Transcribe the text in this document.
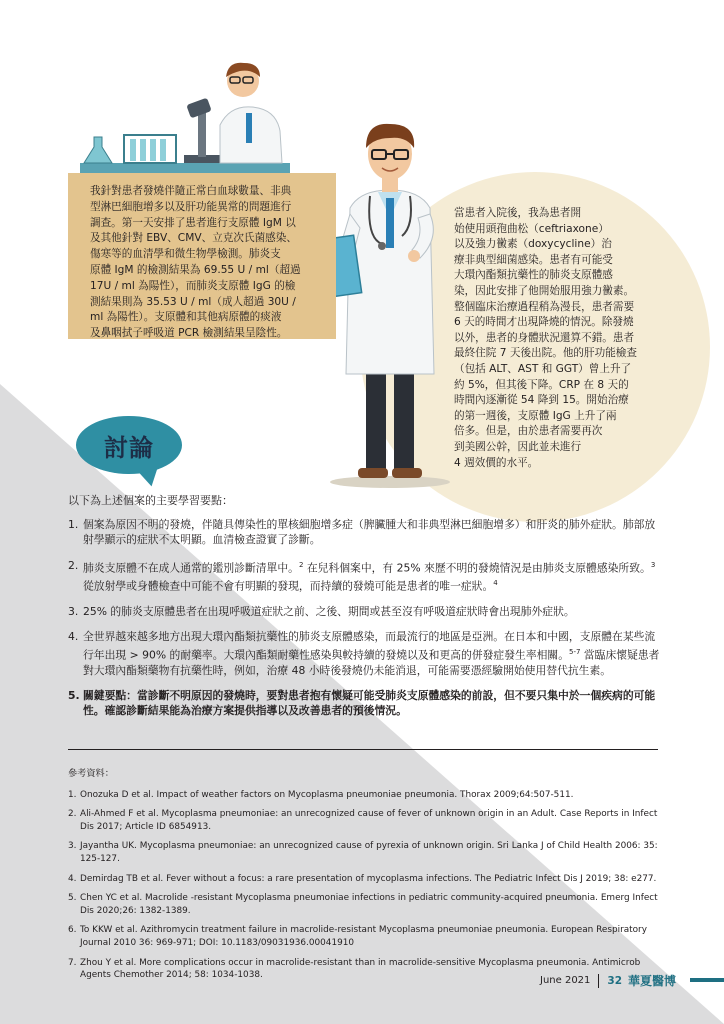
我針對患者發燒伴隨正常白血球數量、非典
型淋巴細胞增多以及肝功能異常的問題進行
調查。第一天安排了患者進行支原體 IgM 以
及其他針對 EBV、CMV、立克次氏菌感染、
傷寒等的血清學和微生物學檢測。肺炎支
原體 IgM 的檢測結果為 69.55 U / ml（超過
17U / ml 為陽性），而肺炎支原體 IgG 的檢
測結果則為 35.53 U / ml（成人超過 30U /
ml 為陽性）。支原體和其他病原體的痰液
及鼻咽拭子呼吸道 PCR 檢測結果呈陰性。
當患者入院後，我為患者開
始使用頭孢曲松（ceftriaxone）
以及強力黴素（doxycycline）治
療非典型細菌感染。患者有可能受
大環內酯類抗藥性的肺炎支原體感
染，因此安排了他開始服用強力黴素。
整個臨床治療過程稍為漫長，患者需要
6 天的時間才出現降燒的情況。除發燒
以外，患者的身體狀況還算不錯。患者
最終住院 7 天後出院。他的肝功能檢查
（包括 ALT、AST 和 GGT）曾上升了
約 5%，但其後下降。CRP 在 8 天的
時間內逐漸從 54 降到 15。開始治療
的第一週後，支原體 IgG 上升了兩
倍多。但是，由於患者需要再次
到美國公幹，因此並未進行
4 週效價的水平。
討論
以下為上述個案的主要學習要點：
1. 個案為原因不明的發燒，伴隨具傳染性的單核細胞增多症（脾臟腫大和非典型淋巴細胞增多）和肝炎的肺外症狀。肺部放射學顯示的症狀不太明顯。血清檢查證實了診斷。
2. 肺炎支原體不在成人通常的鑑別診斷清單中。$^2$ 在兒科個案中，有 25% 來歷不明的發燒情況是由肺炎支原體感染所致。$^3$ 從放射學或身體檢查中可能不會有明顯的發現，而持續的發燒可能是患者的唯一症狀。$^4$
3. 25% 的肺炎支原體患者在出現呼吸道症狀之前、之後、期間或甚至沒有呼吸道症狀時會出現肺外症狀。
4. 全世界越來越多地方出現大環內酯類抗藥性的肺炎支原體感染，而最流行的地區是亞洲。在日本和中國，支原體在某些流行年出現 > 90% 的耐藥率。大環內酯類耐藥性感染與較持續的發燒以及和更高的併發症發生率相關。$^{5-7}$ 當臨床懷疑患者對大環內酯類藥物有抗藥性時，例如，治療 48 小時後發燒仍未能消退，可能需要憑經驗開始使用替代抗生素。
5. 關鍵要點：當診斷不明原因的發燒時，要對患者抱有懷疑可能受肺炎支原體感染的前設，但不要只集中於一個疾病的可能性。確認診斷結果能為治療方案提供指導以及改善患者的預後情況。
參考資料：
1. Onozuka D et al. Impact of weather factors on Mycoplasma pneumoniae pneumonia. Thorax 2009;64:507-511.
2. Ali-Ahmed F et al. Mycoplasma pneumoniae: an unrecognized cause of fever of unknown origin in an Adult. Case Reports in Infect Dis 2017; Article ID 6854913.
3. Jayantha UK. Mycoplasma pneumoniae: an unrecognized cause of pyrexia of unknown origin. Sri Lanka J of Child Health 2006: 35: 125-127.
4. Demirdag TB et al. Fever without a focus: a rare presentation of mycoplasma infections. The Pediatric Infect Dis J 2019; 38: e277.
5. Chen YC et al. Macrolide -resistant Mycoplasma pneumoniae infections in pediatric community-acquired pneumonia. Emerg Infect Dis 2020;26: 1382-1389.
6. To KKW et al. Azithromycin treatment failure in macrolide-resistant Mycoplasma pneumoniae pneumonia. European Respiratory Journal 2010 36: 969-971; DOI: 10.1183/09031936.00041910
7. Zhou Y et al. More complications occur in macrolide-resistant than in macrolide-sensitive Mycoplasma pneumonia. Antimicrob Agents Chemother 2014; 58: 1034-1038.	June 2021 32 華夏醫博
